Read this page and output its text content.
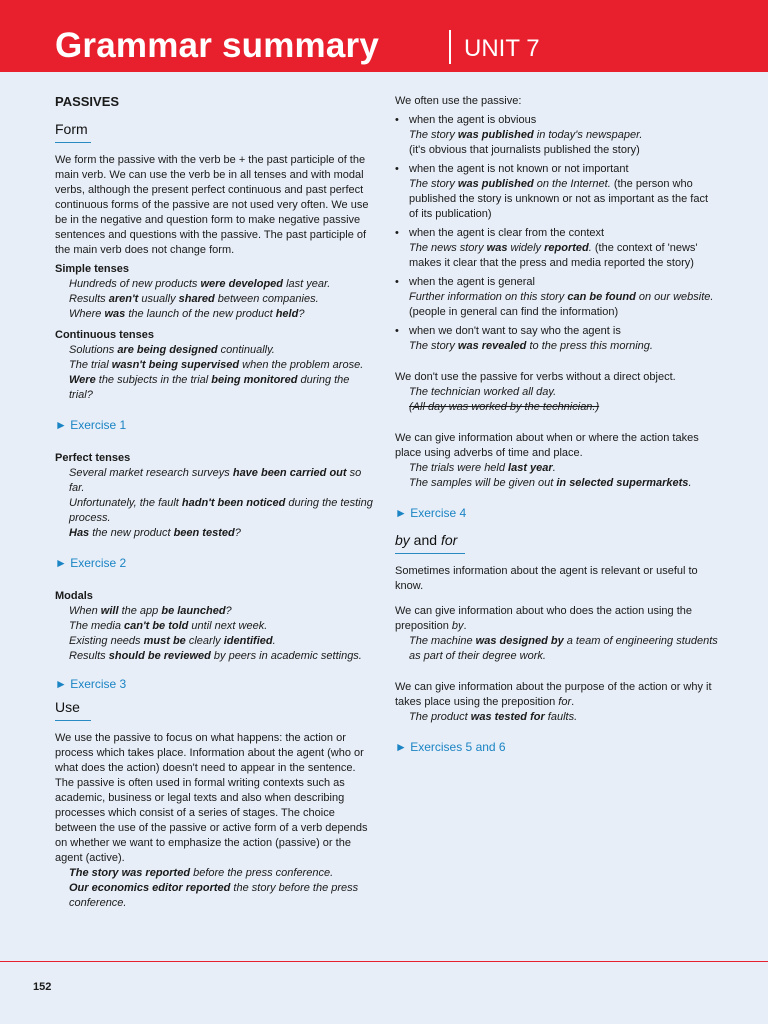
Grammar summary	UNIT 7

PASSIVES

Form

We form the passive with the verb be + the past participle of the main verb. We can use the verb be in all tenses and with modal verbs, although the present perfect continuous and past perfect continuous forms of the passive are not used very often. We use be in the negative and question form to make negative passive sentences and questions with the passive. The past participle of the main verb does not change form.

Simple tenses

Hundreds of new products were developed last year.

Results aren't usually shared between companies.

Where was the launch of the new product held?

Continuous tenses

Solutions are being designed continually.

The trial wasn't being supervised when the problem arose.

Were the subjects in the trial being monitored during the trial?

► Exercise 1

Perfect tenses

Several market research surveys have been carried out so far.

Unfortunately, the fault hadn't been noticed during the testing process.

Has the new product been tested?

► Exercise 2

Modals

When will the app be launched?

The media can't be told until next week.

Existing needs must be clearly identified.

Results should be reviewed by peers in academic settings.

► Exercise 3

Use

We use the passive to focus on what happens: the action or process which takes place. Information about the agent (who or what does the action) doesn't need to appear in the sentence. The passive is often used in formal writing contexts such as academic, business or legal texts and also when describing processes which consist of a series of stages. The choice between the use of the passive or active form of a verb depends on whether we want to emphasize the action (passive) or the agent (active).

The story was reported before the press conference.

Our economics editor reported the story before the press conference.

We often use the passive:

• when the agent is obvious

The story was published in today's newspaper.

(it's obvious that journalists published the story)

• when the agent is not known or not important

The story was published on the Internet. (the person who published the story is unknown or not as important as the fact of its publication)

• when the agent is clear from the context

The news story was widely reported. (the context of 'news' makes it clear that the press and media reported the story)

• when the agent is general

Further information on this story can be found on our website. (people in general can find the information)

• when we don't want to say who the agent is

The story was revealed to the press this morning.

We don't use the passive for verbs without a direct object.

The technician worked all day.

(All day was worked by the technician.)

We can give information about when or where the action takes place using adverbs of time and place.

The trials were held last year.

The samples will be given out in selected supermarkets.

► Exercise 4

by and for

Sometimes information about the agent is relevant or useful to know.

We can give information about who does the action using the preposition by.

The machine was designed by a team of engineering students as part of their degree work.

We can give information about the purpose of the action or why it takes place using the preposition for.

The product was tested for faults.

► Exercises 5 and 6

152
